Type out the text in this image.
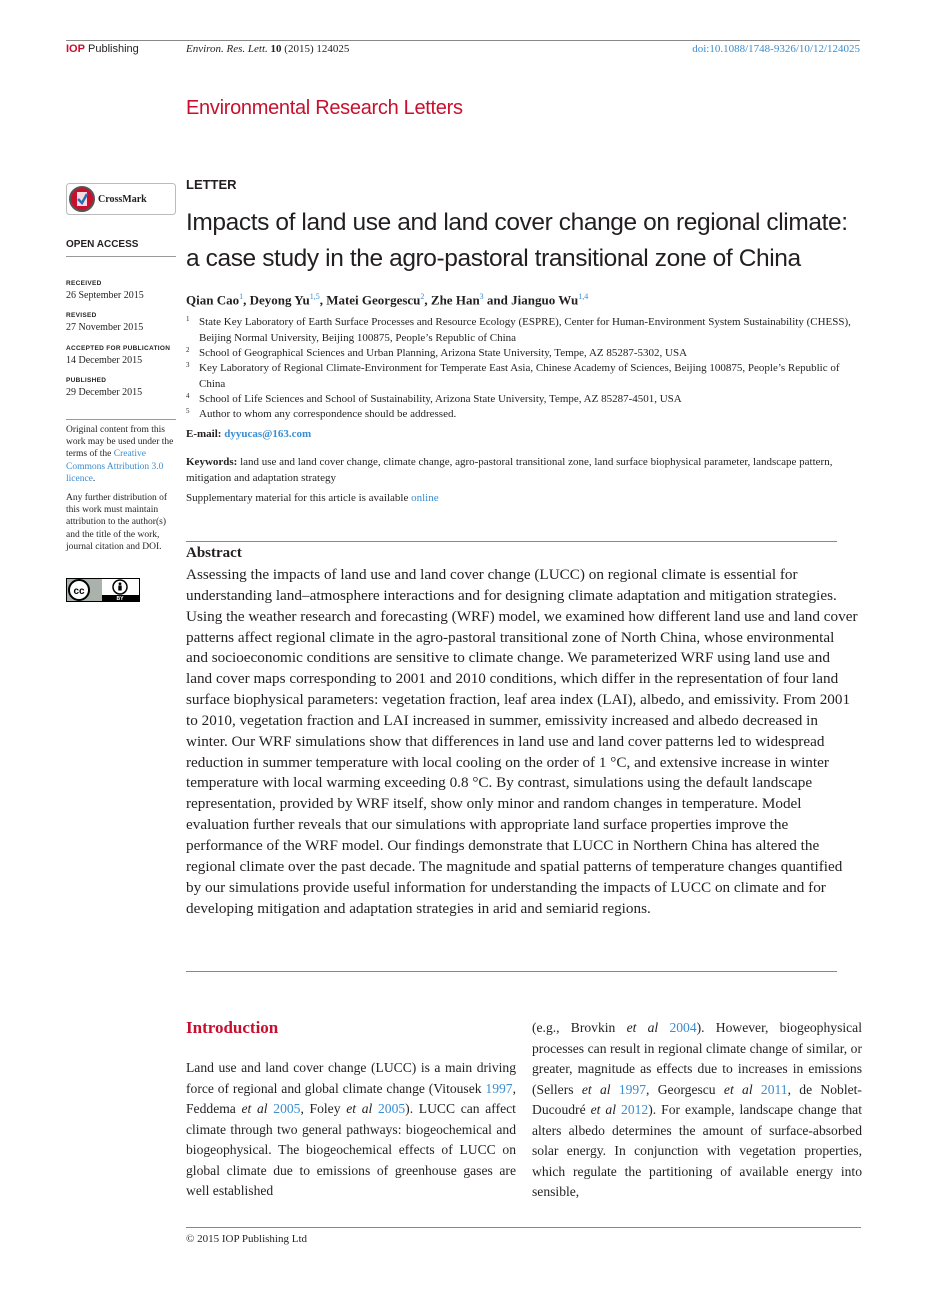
IOP Publishing	Environ. Res. Lett. 10 (2015) 124025	doi:10.1088/1748-9326/10/12/124025
Environmental Research Letters
CrossMark
OPEN ACCESS
RECEIVED
26 September 2015
REVISED
27 November 2015
ACCEPTED FOR PUBLICATION
14 December 2015
PUBLISHED
29 December 2015
Original content from this work may be used under the terms of the Creative Commons Attribution 3.0 licence.
Any further distribution of this work must maintain attribution to the author(s) and the title of the work, journal citation and DOI.
cc
BY
LETTER
Impacts of land use and land cover change on regional climate: a case study in the agro-pastoral transitional zone of China
Qian Cao$^1$, Deyong Yu$^{1,5}$, Matei Georgescu$^2$, Zhe Han$^3$ and Jianguo Wu$^{1,4}$
1 State Key Laboratory of Earth Surface Processes and Resource Ecology (ESPRE), Center for Human-Environment System Sustainability (CHESS), Beijing Normal University, Beijing 100875, People’s Republic of China
2 School of Geographical Sciences and Urban Planning, Arizona State University, Tempe, AZ 85287-5302, USA
3 Key Laboratory of Regional Climate-Environment for Temperate East Asia, Chinese Academy of Sciences, Beijing 100875, People’s Republic of China
4 School of Life Sciences and School of Sustainability, Arizona State University, Tempe, AZ 85287-4501, USA
5 Author to whom any correspondence should be addressed.
E-mail: dyyucas@163.com
Keywords: land use and land cover change, climate change, agro-pastoral transitional zone, land surface biophysical parameter, landscape pattern, mitigation and adaptation strategy
Supplementary material for this article is available online
Abstract
Assessing the impacts of land use and land cover change (LUCC) on regional climate is essential for understanding land–atmosphere interactions and for designing climate adaptation and mitigation strategies. Using the weather research and forecasting (WRF) model, we examined how different land use and land cover patterns affect regional climate in the agro-pastoral transitional zone of North China, whose environmental and socioeconomic conditions are sensitive to climate change. We parameterized WRF using land use and land cover maps corresponding to 2001 and 2010 conditions, which differ in the representation of four land surface biophysical parameters: vegetation fraction, leaf area index (LAI), albedo, and emissivity. From 2001 to 2010, vegetation fraction and LAI increased in summer, emissivity increased and albedo decreased in winter. Our WRF simulations show that differences in land use and land cover patterns led to widespread reduction in summer temperature with local cooling on the order of 1 °C, and extensive increase in winter temperature with local warming exceeding 0.8 °C. By contrast, simulations using the default landscape representation, provided by WRF itself, show only minor and random changes in temperature. Model evaluation further reveals that our simulations with appropriate land surface properties improve the performance of the WRF model. Our findings demonstrate that LUCC in Northern China has altered the regional climate over the past decade. The magnitude and spatial patterns of temperature changes quantified by our simulations provide useful information for understanding the impacts of LUCC on climate and for developing mitigation and adaptation strategies in arid and semiarid regions.
Introduction
Land use and land cover change (LUCC) is a main driving force of regional and global climate change (Vitousek 1997, Feddema et al 2005, Foley et al 2005). LUCC can affect climate through two general pathways: biogeochemical and biogeophysical. The biogeochemical effects of LUCC on global climate due to emissions of greenhouse gases are well established
(e.g., Brovkin et al 2004). However, biogeophysical processes can result in regional climate change of similar, or greater, magnitude as effects due to increases in emissions (Sellers et al 1997, Georgescu et al 2011, de Noblet-Ducoudré et al 2012). For example, landscape change that alters albedo determines the amount of surface-absorbed solar energy. In conjunction with vegetation properties, which regulate the partitioning of available energy into sensible,
© 2015 IOP Publishing Ltd
